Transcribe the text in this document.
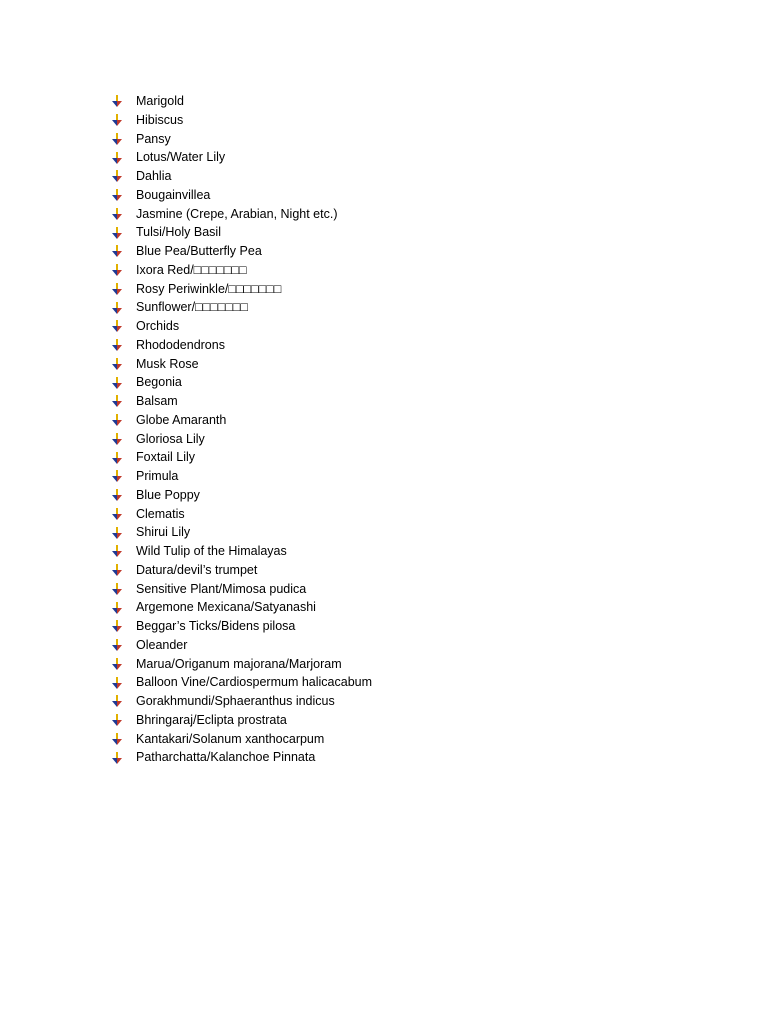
Marigold
Hibiscus
Pansy
Lotus/Water Lily
Dahlia
Bougainvillea
Jasmine (Crepe, Arabian, Night etc.)
Tulsi/Holy Basil
Blue Pea/Butterfly Pea
Ixora Red/□□□□□□□
Rosy Periwinkle/□□□□□□□
Sunflower/□□□□□□□
Orchids
Rhododendrons
Musk Rose
Begonia
Balsam
Globe Amaranth
Gloriosa Lily
Foxtail Lily
Primula
Blue Poppy
Clematis
Shirui Lily
Wild Tulip of the Himalayas
Datura/devil’s trumpet
Sensitive Plant/Mimosa pudica
Argemone Mexicana/Satyanashi
Beggar’s Ticks/Bidens pilosa
Oleander
Marua/Origanum majorana/Marjoram
Balloon Vine/Cardiospermum halicacabum
Gorakhmundi/Sphaeranthus indicus
Bhringaraj/Eclipta prostrata
Kantakari/Solanum xanthocarpum
Patharchatta/Kalanchoe Pinnata
